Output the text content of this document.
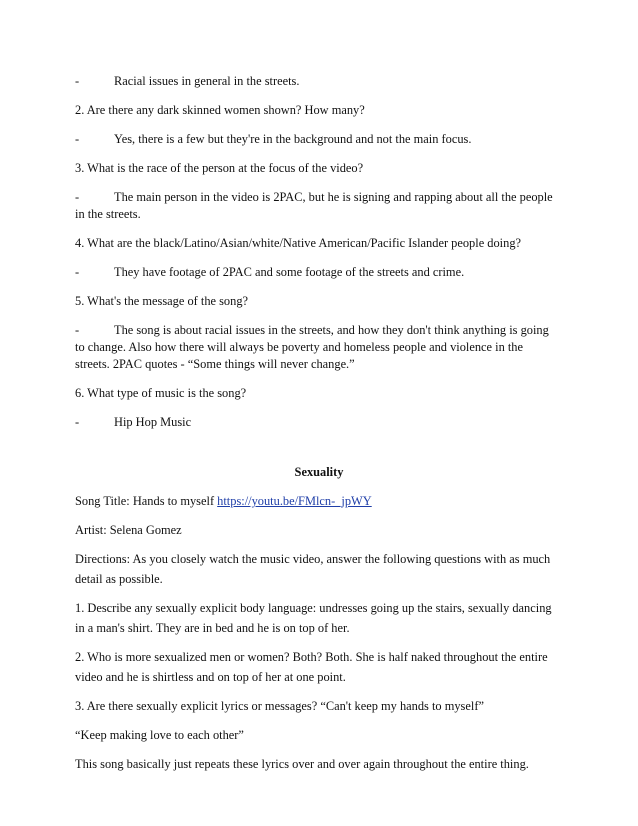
-	Racial issues in general in the streets.
2. Are there any dark skinned women shown? How many?
-	Yes, there is a few but they're in the background and not the main focus.
3. What is the race of the person at the focus of the video?
-	The main person in the video is 2PAC, but he is signing and rapping about all the people
in the streets.
4. What are the black/Latino/Asian/white/Native American/Pacific Islander people doing?
-	They have footage of 2PAC and some footage of the streets and crime.
5. What's the message of the song?
-	The song is about racial issues in the streets, and how they don't think anything is going
to change. Also how there will always be poverty and homeless people and violence in the
streets. 2PAC quotes - “Some things will never change.”
6. What type of music is the song?
-	Hip Hop Music
Sexuality
Song Title: Hands to myself https://youtu.be/FMlcn-_jpWY
Artist: Selena Gomez
Directions: As you closely watch the music video, answer the following questions with as much
detail as possible.
1. Describe any sexually explicit body language: undresses going up the stairs, sexually dancing
in a man's shirt. They are in bed and he is on top of her.
2. Who is more sexualized men or women? Both? Both. She is half naked throughout the entire
video and he is shirtless and on top of her at one point.
3. Are there sexually explicit lyrics or messages? “Can't keep my hands to myself”
“Keep making love to each other”
This song basically just repeats these lyrics over and over again throughout the entire thing.
